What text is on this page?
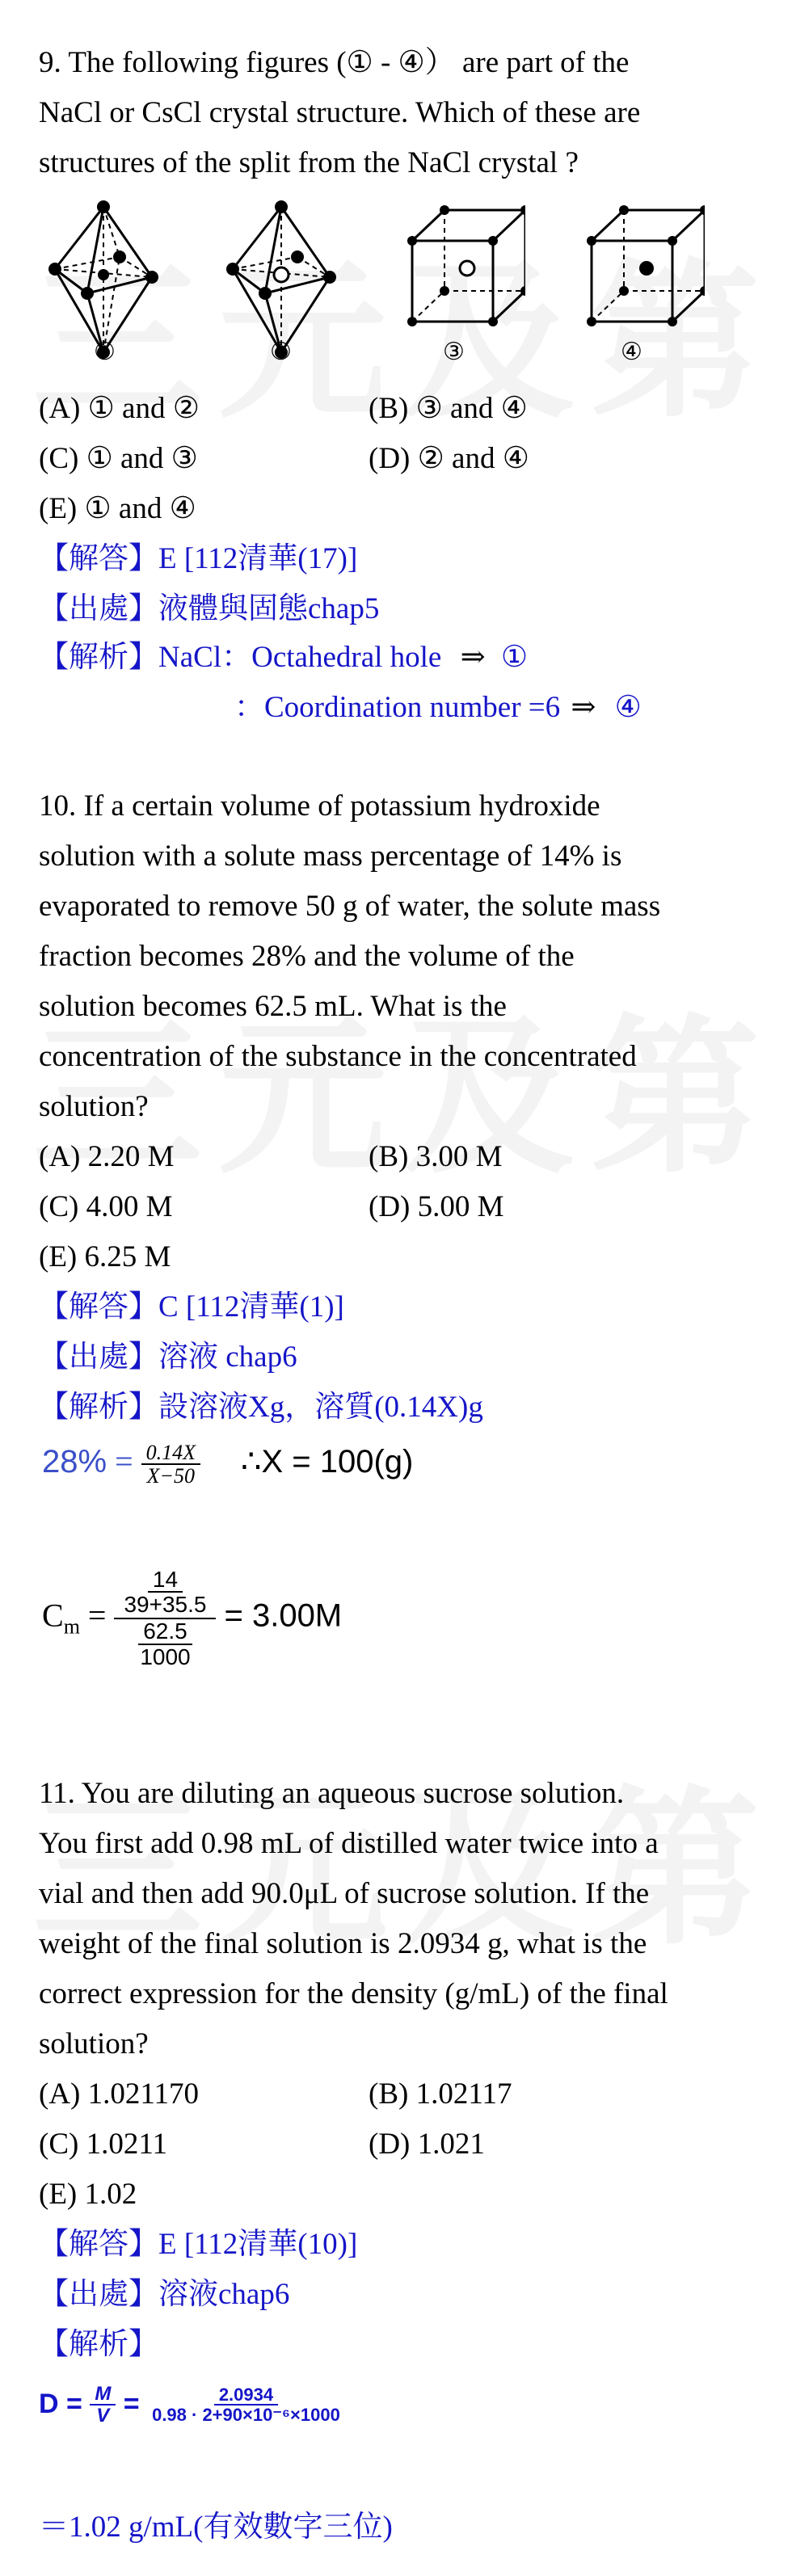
9. The following figures (① - ④） are part of the
NaCl or CsCl crystal structure. Which of these are
structures of the split from the NaCl crystal ?
①	②	③	④
(A) ① and ②	(B) ③ and ④
(C) ① and ③	(D) ② and ④
(E) ① and ④
【解答】E [112清華(17)]
【出處】液體與固態chap5
【解析】NaCl：Octahedral hole ⇒ ①
：Coordination number =6 ⇒ ④
10. If a certain volume of potassium hydroxide
solution with a solute mass percentage of 14% is
evaporated to remove 50 g of water, the solute mass
fraction becomes 28% and the volume of the
solution becomes 62.5 mL. What is the
concentration of the substance in the concentrated
solution?
(A) 2.20 M	(B) 3.00 M
(C) 4.00 M	(D) 5.00 M
(E) 6.25 M
【解答】C [112清華(1)]
【出處】溶液 chap6
【解析】設溶液Xg，溶質(0.14X)g
$28\% = \frac{0.14X}{X-50}$ ∴X = 100(g)
$C_m = \frac{\frac{14}{39+35.5}}{\frac{62.5}{1000}} = 3.00M$
11. You are diluting an aqueous sucrose solution.
You first add 0.98 mL of distilled water twice into a
vial and then add 90.0μL of sucrose solution. If the
weight of the final solution is 2.0934 g, what is the
correct expression for the density (g/mL) of the final
solution?
(A) 1.021170	(B) 1.02117
(C) 1.0211	(D) 1.021
(E) 1.02
【解答】E [112清華(10)]
【出處】溶液chap6
【解析】
$D = \frac{M}{V} = \frac{2.0934}{\text{0.98 · 2+90×10⁻⁶×1000}}$
＝1.02 g/mL(有效數字三位)
